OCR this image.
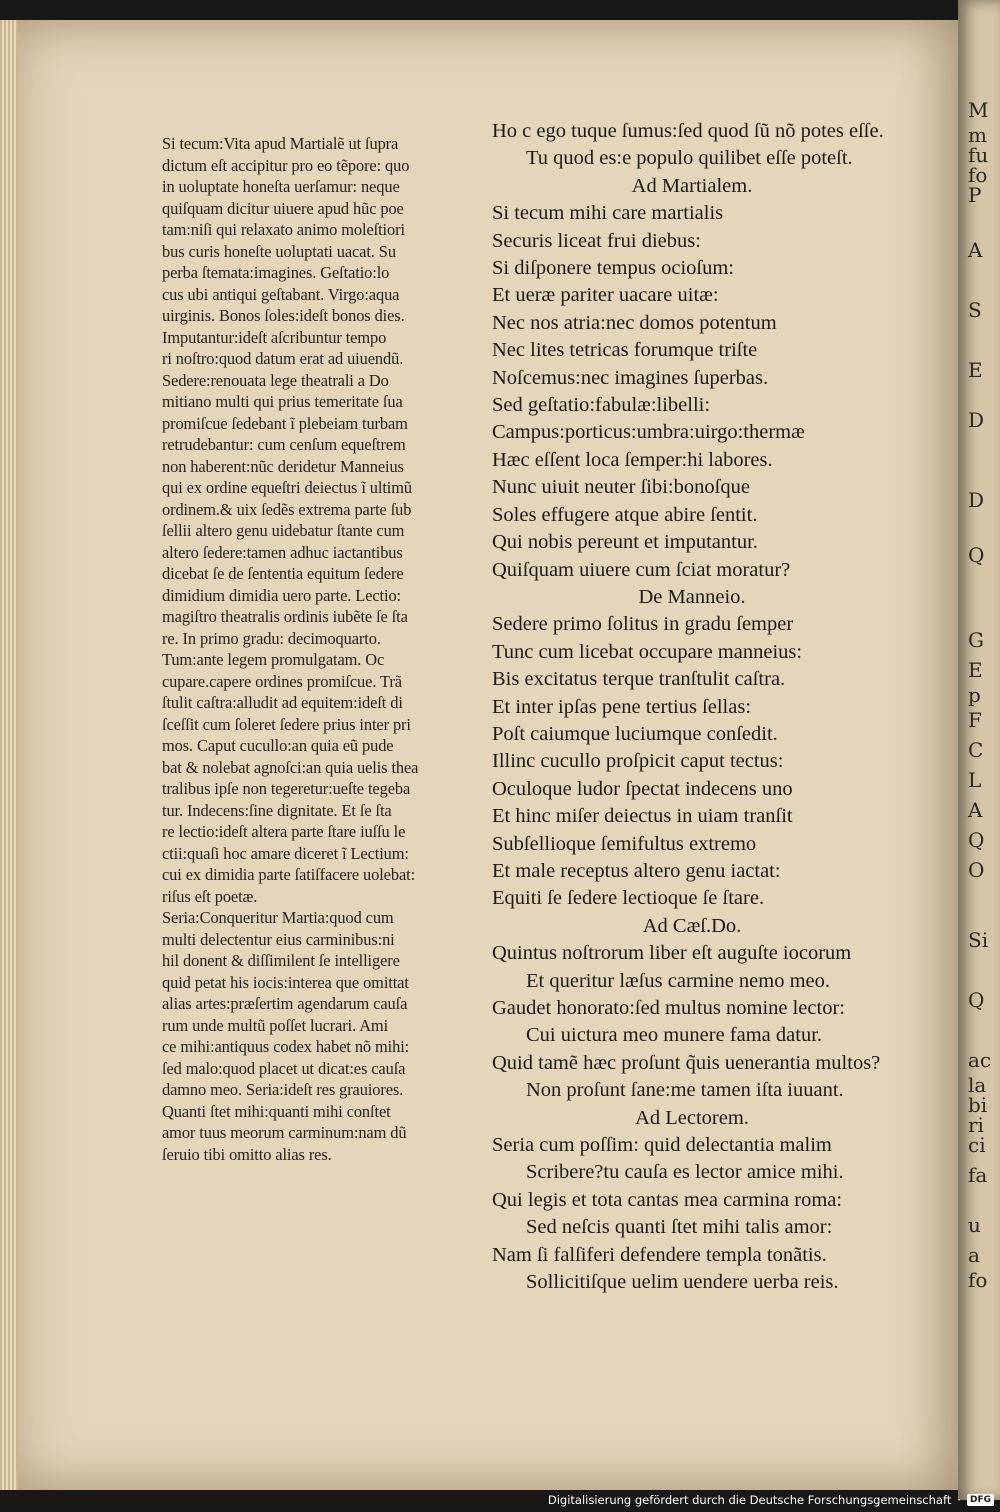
M
m
fu
fo
P
A
S
E
D
D
Q
G
E
p
F
C
L
A
Q
O
Si
Q
ac
la
bi
ri
ci
fa
u
a
fo
Si tecum:Vita apud Martialẽ ut ſupra
dictum eſt accipitur pro eo tẽpore: quo
in uoluptate honeſta uerſamur: neque
quiſquam dicitur uiuere apud hũc poe
tam:niſi qui relaxato animo moleſtiori
bus curis honeſte uoluptati uacat. Su
perba ſtemata:imagines. Geſtatio:lo
cus ubi antiqui geſtabant. Virgo:aqua
uirginis. Bonos ſoles:ideſt bonos dies.
Imputantur:ideſt aſcribuntur tempo
ri noſtro:quod datum erat ad uiuendũ.
Sedere:renouata lege theatrali a Do
mitiano multi qui prius temeritate ſua
promiſcue ſedebant ĩ plebeiam turbam
retrudebantur: cum cenſum equeſtrem
non haberent:nũc deridetur Manneius
qui ex ordine equeſtri deiectus ĩ ultimũ
ordinem.& uix ſedẽs extrema parte ſub
ſellii altero genu uidebatur ſtante cum
altero ſedere:tamen adhuc iactantibus
dicebat ſe de ſententia equitum ſedere
dimidium dimidia uero parte. Lectio:
magiſtro theatralis ordinis iubẽte ſe ſta
re. In primo gradu: decimoquarto.
Tum:ante legem promulgatam. Oc
cupare.capere ordines promiſcue. Trã
ſtulit caſtra:alludit ad equitem:ideſt di
ſceſſit cum ſoleret ſedere prius inter pri
mos. Caput cucullo:an quia eũ pude
bat & nolebat agnoſci:an quia uelis thea
tralibus ipſe non tegeretur:ueſte tegeba
tur. Indecens:ſine dignitate. Et ſe ſta
re lectio:ideſt altera parte ſtare iuſſu le
ctii:quaſi hoc amare diceret ĩ Lectium:
cui ex dimidia parte ſatiſfacere uolebat:
riſus eſt poetæ.
Seria:Conqueritur Martia:quod cum
multi delectentur eius carminibus:ni
hil donent & diſſimilent ſe intelligere
quid petat his iocis:interea que omittat
alias artes:præſertim agendarum cauſa
rum unde multũ poſſet lucrari. Ami
ce mihi:antiquus codex habet nõ mihi:
ſed malo:quod placet ut dicat:es cauſa
damno meo. Seria:ideſt res grauiores.
Quanti ſtet mihi:quanti mihi conſtet
amor tuus meorum carminum:nam dũ
ſeruio tibi omitto alias res.
Ho c ego tuque ſumus:ſed quod ſũ nõ potes eſſe.
Tu quod es:e populo quilibet eſſe poteſt.
Ad Martialem.
Si tecum mihi care martialis
Securis liceat frui diebus:
Si diſponere tempus ocioſum:
Et ueræ pariter uacare uitæ:
Nec nos atria:nec domos potentum
Nec lites tetricas forumque triſte
Noſcemus:nec imagines ſuperbas.
Sed geſtatio:fabulæ:libelli:
Campus:porticus:umbra:uirgo:thermæ
Hæc eſſent loca ſemper:hi labores.
Nunc uiuit neuter ſibi:bonoſque
Soles effugere atque abire ſentit.
Qui nobis pereunt et imputantur.
Quiſquam uiuere cum ſciat moratur?
De Manneio.
Sedere primo ſolitus in gradu ſemper
Tunc cum licebat occupare manneius:
Bis excitatus terque tranſtulit caſtra.
Et inter ipſas pene tertius ſellas:
Poſt caiumque luciumque conſedit.
Illinc cucullo proſpicit caput tectus:
Oculoque ludor ſpectat indecens uno
Et hinc miſer deiectus in uiam tranſit
Subſellioque ſemifultus extremo
Et male receptus altero genu iactat:
Equiti ſe ſedere lectioque ſe ſtare.
Ad Cæſ.Do.
Quintus noſtrorum liber eſt auguſte iocorum
Et queritur læſus carmine nemo meo.
Gaudet honorato:ſed multus nomine lector:
Cui uictura meo munere fama datur.
Quid tamẽ hæc proſunt q̃uis uenerantia multos?
Non proſunt ſane:me tamen iſta iuuant.
Ad Lectorem.
Seria cum poſſim: quid delectantia malim
Scribere?tu cauſa es lector amice mihi.
Qui legis et tota cantas mea carmina roma:
Sed neſcis quanti ſtet mihi talis amor:
Nam ſi falſiferi defendere templa tonãtis.
Sollicitiſque uelim uendere uerba reis.
Digitalisierung gefördert durch die Deutsche Forschungsgemeinschaft ·	DFG
